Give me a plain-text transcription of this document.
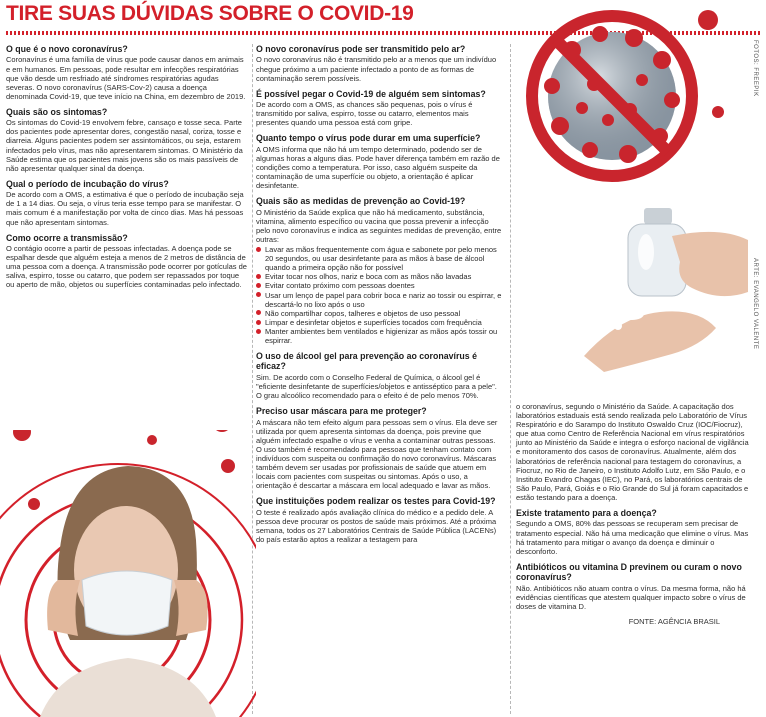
TIRE SUAS DÚVIDAS SOBRE O COVID-19
FOTOS: FREEPIK
ARTE: EVANGELO VALENTE
O que é o novo coronavírus?

Coronavírus é uma família de vírus que pode causar danos em animais e em humanos. Em pessoas, pode resultar em infecções respiratórias que vão desde um resfriado até síndromes respiratórias agudas severas. O novo coronavírus (SARS-Cov-2) causa a doença denominada Covid-19, que teve início na China, em dezembro de 2019.

Quais são os sintomas?

Os sintomas do Covid-19 envolvem febre, cansaço e tosse seca. Parte dos pacientes pode apresentar dores, congestão nasal, coriza, tosse e diarreia. Alguns pacientes podem ser assintomáticos, ou seja, estarem infectados pelo vírus, mas não apresentarem sintomas. O Ministério da Saúde estima que os pacientes mais jovens são os mais passíveis de não apresentar qualquer sinal da doença.

Qual o período de incubação do vírus?

De acordo com a OMS, a estimativa é que o período de incubação seja de 1 a 14 dias. Ou seja, o vírus teria esse tempo para se manifestar. O mais comum é a manifestação por volta de cinco dias. Mas há pessoas que não apresentam sintomas.

Como ocorre a transmissão?

O contágio ocorre a partir de pessoas infectadas. A doença pode se espalhar desde que alguém esteja a menos de 2 metros de distância de uma pessoa com a doença. A transmissão pode ocorrer por gotículas de saliva, espirro, tosse ou catarro, que podem ser repassados por toque ou aperto de mão, objetos ou superfícies contaminadas pelo infectado.

O novo coronavírus pode ser transmitido pelo ar?

O novo coronavírus não é transmitido pelo ar a menos que um indivíduo chegue próximo a um paciente infectado a ponto de as formas de contaminação serem possíveis.

É possível pegar o Covid-19 de alguém sem sintomas?

De acordo com a OMS, as chances são pequenas, pois o vírus é transmitido por saliva, espirro, tosse ou catarro, elementos mais presentes quando uma pessoa está com gripe.

Quanto tempo o vírus pode durar em uma superfície?

A OMS informa que não há um tempo determinado, podendo ser de algumas horas a alguns dias. Pode haver diferença também em razão de condições como a temperatura. Por isso, caso alguém suspeite da contaminação de uma superfície ou objeto, a orientação é aplicar desinfetante.

Quais são as medidas de prevenção ao Covid-19?

O Ministério da Saúde explica que não há medicamento, substância, vitamina, alimento específico ou vacina que possa prevenir a infecção pelo novo coronavírus e indica as seguintes medidas de prevenção, entre outras:

Lavar as mãos frequentemente com água e sabonete por pelo menos 20 segundos, ou usar desinfetante para as mãos à base de álcool quando a primeira opção não for possível
Evitar tocar nos olhos, nariz e boca com as mãos não lavadas
Evitar contato próximo com pessoas doentes
Usar um lenço de papel para cobrir boca e nariz ao tossir ou espirrar, e descartá-lo no lixo após o uso
Não compartilhar copos, talheres e objetos de uso pessoal
Limpar e desinfetar objetos e superfícies tocados com frequência
Manter ambientes bem ventilados e higienizar as mãos após tossir ou espirrar.
O uso de álcool gel para prevenção ao coronavírus é eficaz?

Sim. De acordo com o Conselho Federal de Química, o álcool gel é "eficiente desinfetante de superfícies/objetos e antisséptico para a pele". O grau alcoólico recomendado para o efeito é de pelo menos 70%.

Preciso usar máscara para me proteger?

A máscara não tem efeito algum para pessoas sem o vírus. Ela deve ser utilizada por quem apresenta sintomas da doença, pois previne que alguém infectado espalhe o vírus e venha a contaminar outras pessoas. O uso também é recomendado para pessoas que tenham contato com indivíduos com suspeita ou confirmação do novo coronavírus. Máscaras também devem ser usadas por profissionais de saúde que atuem em locais com pacientes com suspeitas ou sintomas. Após o uso, a orientação é descartar a máscara em local adequado e lavar as mãos.

Que instituições podem realizar os testes para Covid-19?

O teste é realizado após avaliação clínica do médico e a pedido dele. A pessoa deve procurar os postos de saúde mais próximos. Até a próxima semana, todos os 27 Laboratórios Centrais de Saúde Pública (LACENs) do país estarão aptos a realizar a testagem para

o coronavírus, segundo o Ministério da Saúde. A capacitação dos laboratórios estaduais está sendo realizada pelo Laboratório de Vírus Respiratório e do Sarampo do Instituto Oswaldo Cruz (IOC/Fiocruz), que atua como Centro de Referência Nacional em vírus respiratórios junto ao Ministério da Saúde e integra o esforço nacional de vigilância e monitoramento dos casos de coronavírus. Atualmente, além dos laboratórios de referência nacional para testagem do coronavírus, a Fiocruz, no Rio de Janeiro, o Instituto Adolfo Lutz, em São Paulo, e o Instituto Evandro Chagas (IEC), no Pará, os laboratórios centrais de São Paulo, Pará, Goiás e o Rio Grande do Sul já foram capacitados e estão testando para a doença.

Existe tratamento para a doença?

Segundo a OMS, 80% das pessoas se recuperam sem precisar de tratamento especial. Não há uma medicação que elimine o vírus. Mas há tratamento para mitigar o avanço da doença e diminuir o desconforto.

Antibióticos ou vitamina D previnem ou curam o novo coronavírus?

Não. Antibióticos não atuam contra o vírus. Da mesma forma, não há evidências científicas que atestem qualquer impacto sobre o vírus de doses de vitamina D.

FONTE: AGÊNCIA BRASIL
